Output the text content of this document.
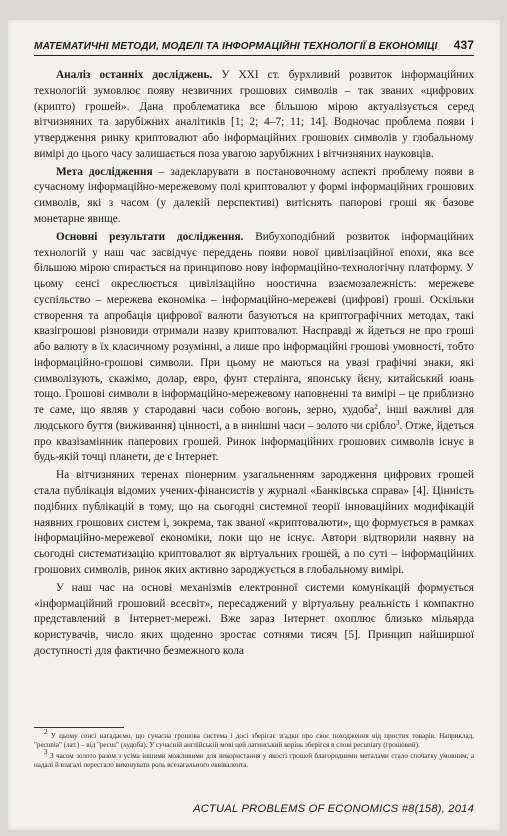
МАТЕМАТИЧНІ МЕТОДИ, МОДЕЛІ ТА ІНФОРМАЦІЙНІ ТЕХНОЛОГІЇ В ЕКОНОМІЦІ 437

Аналіз останніх досліджень. У XXI ст. бурхливий розвиток інформаційних технологій зумовлює появу незвичних грошових символів – так званих «цифрових (крипто) грошей». Дана проблематика все більшою мірою актуалізується серед вітчизняних та зарубіжних аналітиків [1; 2; 4–7; 11; 14]. Водночас проблема появи і утвердження ринку криптовалют або інформаційних грошових символів у глобальному вимірі до цього часу залишається поза увагою зарубіжних і вітчизняних науковців.

Мета дослідження – задекларувати в постановочному аспекті проблему появи в сучасному інформаційно-мережевому полі криптовалют у формі інформаційних грошових символів, які з часом (у далекій перспективі) витіснять папорові гроші як базове монетарне явище.

Основні результати дослідження. Вибухоподібний розвиток інформаційних технологій у наш час засвідчує переддень появи нової цивілізаційної епохи, яка все більшою мірою спирається на принципово нову інформаційно-технологічну платформу. У цьому сенсі окреслюється цивілізаційно ноостична взаємозалежність: мережеве суспільство – мережева економіка – інформаційно-мережеві (цифрові) гроші. Оскільки створення та апробація цифрової валюти базуються на криптографічних методах, такі квазігрошові різновиди отримали назву криптовалют. Насправді ж йдеться не про гроші або валюту в їх класичному розумінні, а лише про інформаційні грошові умовності, тобто інформаційно-грошові символи. При цьому не маються на увазі графічні знаки, які символізують, скажімо, долар, евро, фунт стерлінга, японську йєну, китайський юань тощо. Грошові символи в інформаційно-мережевому наповненні та вимірі – це приблизно те саме, що являв у стародавні часи собою вогонь, зерно, худоба$^2$, інші важливі для людського буття (виживання) цінності, а в нинішні часи – золото чи срібло$^3$. Отже, йдеться про квазізамінник паперових грошей. Ринок інформаційних грошових символів існує в будь-якій точці планети, де є Інтернет.

На вітчизняних теренах піонерним узагальненням зародження цифрових грошей стала публікація відомих учених-фінансистів у журналі «Банківська справа» [4]. Цінність подібних публікацій в тому, що на сьогодні системної теорії інноваційних модифікацій наявних грошових систем і, зокрема, так званої «криптовалюти», що формується в рамках інформаційно-мережевої економіки, поки що не існує. Автори відтворили наявну на сьогодні систематизацію криптовалют як віртуальних грошей, а по суті – інформаційних грошових символів, ринок яких активно зароджується в глобальному вимірі.

У наш час на основі механізмів електронної системи комунікацій формується «інформаційний грошовий всесвіт», пересаджений у віртуальну реальність і компактно представлений в Інтернет-мережі. Вже зараз Інтернет охоплює близько мільярда користувачів, число яких щоденно зростає сотнями тисяч [5]. Принцип найширшої доступності для фактично безмежного кола

$^2$ У цьому сенсі нагадаємо, що сучасна грошова система і досі зберігає згадки про своє походження від простих товарів. Наприклад, "pecunia" (лат.) – від "pecus" (худоба). У сучасній англійській мові цей латинський корінь зберігся в слові pecuniary (грошовий).

$^3$ З часом золото разом з усіма іншими можливими для використання у якості грошей благородними металами стало спочатку умовним, а надалі й взагалі перестало виконувати роль всезагального еквівалента.

ACTUAL PROBLEMS OF ECONOMICS #8(158), 2014
